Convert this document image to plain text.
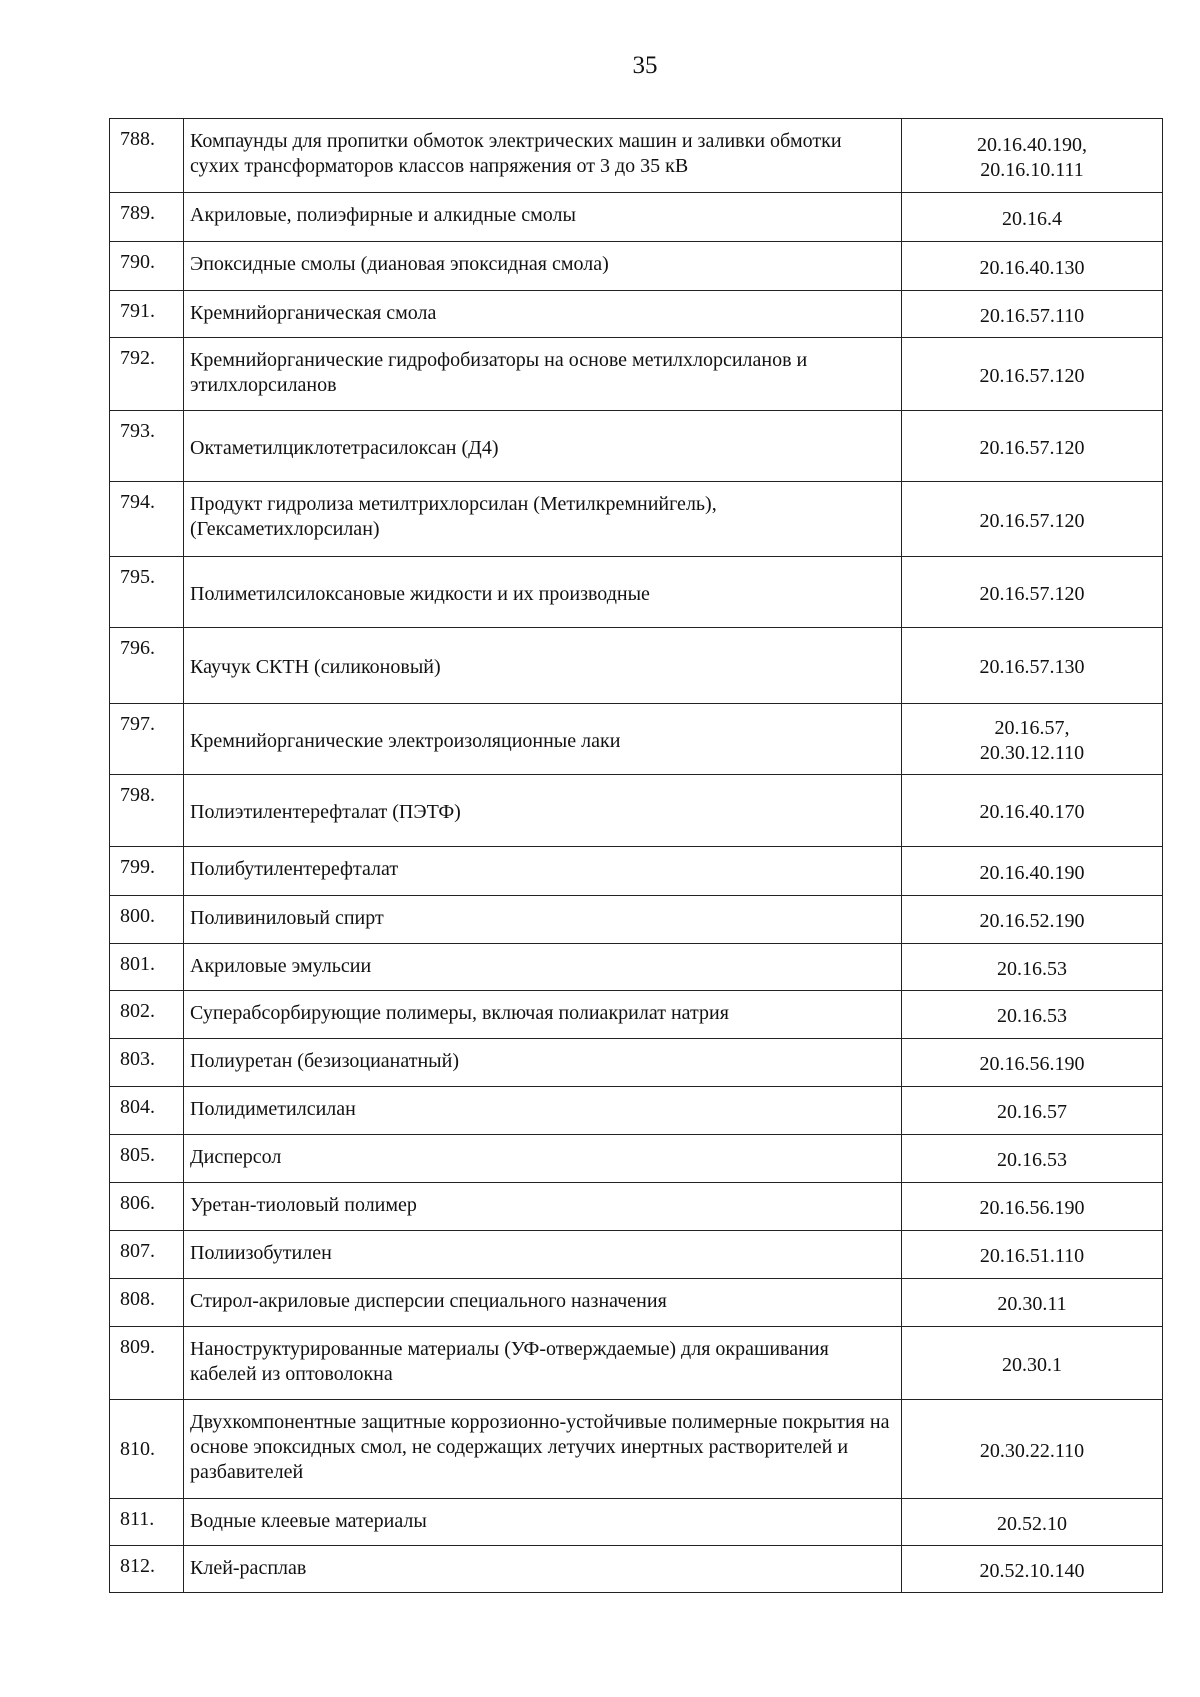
35
788.	Компаунды для пропитки обмоток электрических машин и заливки обмотки сухих трансформаторов классов напряжения от 3 до 35 кВ	20.16.40.190,
20.16.10.111
789.	Акриловые, полиэфирные и алкидные смолы	20.16.4
790.	Эпоксидные смолы (диановая эпоксидная смола)	20.16.40.130
791.	Кремнийорганическая смола	20.16.57.110
792.	Кремнийорганические гидрофобизаторы на основе метилхлорсиланов и этилхлорсиланов	20.16.57.120
793.	Октаметилциклотетрасилоксан (Д4)	20.16.57.120
794.	Продукт гидролиза метилтрихлорсилан (Метилкремнийгель), (Гексаметихлорсилан)	20.16.57.120
795.	Полиметилсилоксановые жидкости и их производные	20.16.57.120
796.	Каучук СКТН (силиконовый)	20.16.57.130
797.	Кремнийорганические электроизоляционные лаки	20.16.57,
20.30.12.110
798.	Полиэтилентерефталат (ПЭТФ)	20.16.40.170
799.	Полибутилентерефталат	20.16.40.190
800.	Поливиниловый спирт	20.16.52.190
801.	Акриловые эмульсии	20.16.53
802.	Суперабсорбирующие полимеры, включая полиакрилат натрия	20.16.53
803.	Полиуретан (безизоцианатный)	20.16.56.190
804.	Полидиметилсилан	20.16.57
805.	Дисперсол	20.16.53
806.	Уретан-тиоловый полимер	20.16.56.190
807.	Полиизобутилен	20.16.51.110
808.	Стирол-акриловые дисперсии специального назначения	20.30.11
809.	Наноструктурированные материалы (УФ-отверждаемые) для окрашивания кабелей из оптоволокна	20.30.1
810.	Двухкомпонентные защитные коррозионно-устойчивые полимерные покрытия на основе эпоксидных смол, не содержащих летучих инертных растворителей и разбавителей	20.30.22.110
811.	Водные клеевые материалы	20.52.10
812.	Клей-расплав	20.52.10.140
